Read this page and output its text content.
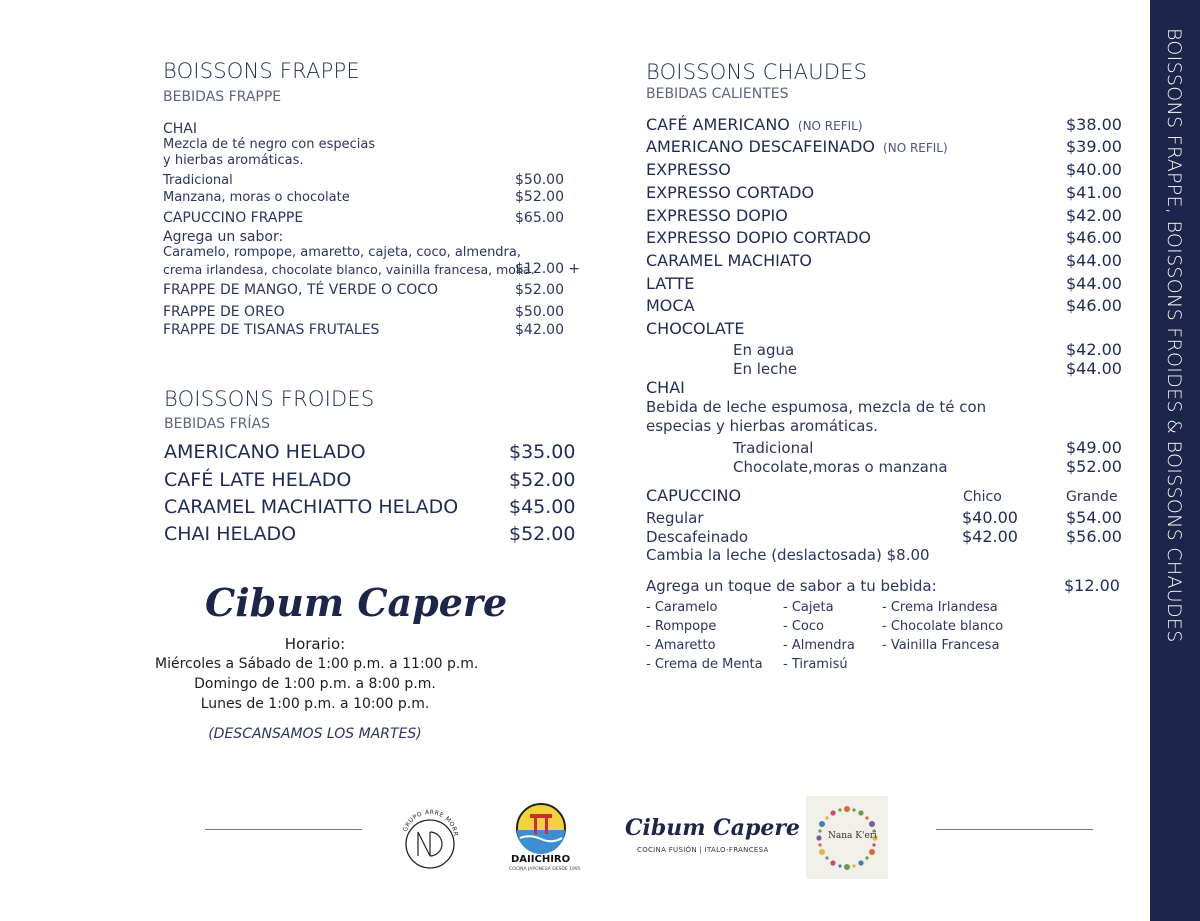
BOISSONS FRAPPE, BOISSONS FROIDES & BOISSONS CHAUDES
BOISSONS FRAPPE
BEBIDAS FRAPPE
CHAI
Mezcla de té negro con especias
y hierbas aromáticas.
Tradicional	$50.00
Manzana, moras o chocolate	$52.00
CAPUCCINO FRAPPE	$65.00
Agrega un sabor:
Caramelo, rompope, amaretto, cajeta, coco, almendra,
crema irlandesa, chocolate blanco, vainilla francesa, moka.
$12.00 +
FRAPPE DE MANGO, TÉ VERDE O COCO	$52.00
FRAPPE DE OREO	$50.00
FRAPPE DE TISANAS FRUTALES	$42.00
BOISSONS FROIDES
BEBIDAS FRÍAS
AMERICANO HELADO	$35.00
CAFÉ LATE HELADO	$52.00
CARAMEL MACHIATTO HELADO	$45.00
CHAI HELADO	$52.00
Cibum Capere
Horario:
Miércoles a Sábado de 1:00 p.m. a 11:00 p.m.
Domingo de 1:00 p.m. a 8:00 p.m.
Lunes de 1:00 p.m. a 10:00 p.m.
(DESCANSAMOS LOS MARTES)
BOISSONS CHAUDES
BEBIDAS CALIENTES
CAFÉ AMERICANO (NO REFIL)	$38.00
AMERICANO DESCAFEINADO (NO REFIL)	$39.00
EXPRESSO	$40.00
EXPRESSO CORTADO	$41.00
EXPRESSO DOPIO	$42.00
EXPRESSO DOPIO CORTADO	$46.00
CARAMEL MACHIATO	$44.00
LATTE	$44.00
MOCA	$46.00
CHOCOLATE
En agua	$42.00
En leche	$44.00
CHAI
Bebida de leche espumosa, mezcla de té con
especias y hierbas aromáticas.
Tradicional	$49.00
Chocolate,moras o manzana	$52.00
CAPUCCINO	Chico	Grande
Regular	$40.00	$54.00
Descafeinado	$42.00	$56.00
Cambia la leche (deslactosada) $8.00
Agrega un toque de sabor a tu bebida:	$12.00
- Caramelo
- Rompope
- Amaretto
- Crema de Menta
- Cajeta
- Coco
- Almendra
- Tiramisú
- Crema Irlandesa
- Chocolate blanco
- Vainilla Francesa
GRUPO ARRE MORR
DAIICHIRO
COCINA JAPONESA DESDE 1995
Cibum Capere
COCINA FUSIÓN | ITALO-FRANCESA
Nana K'eri
